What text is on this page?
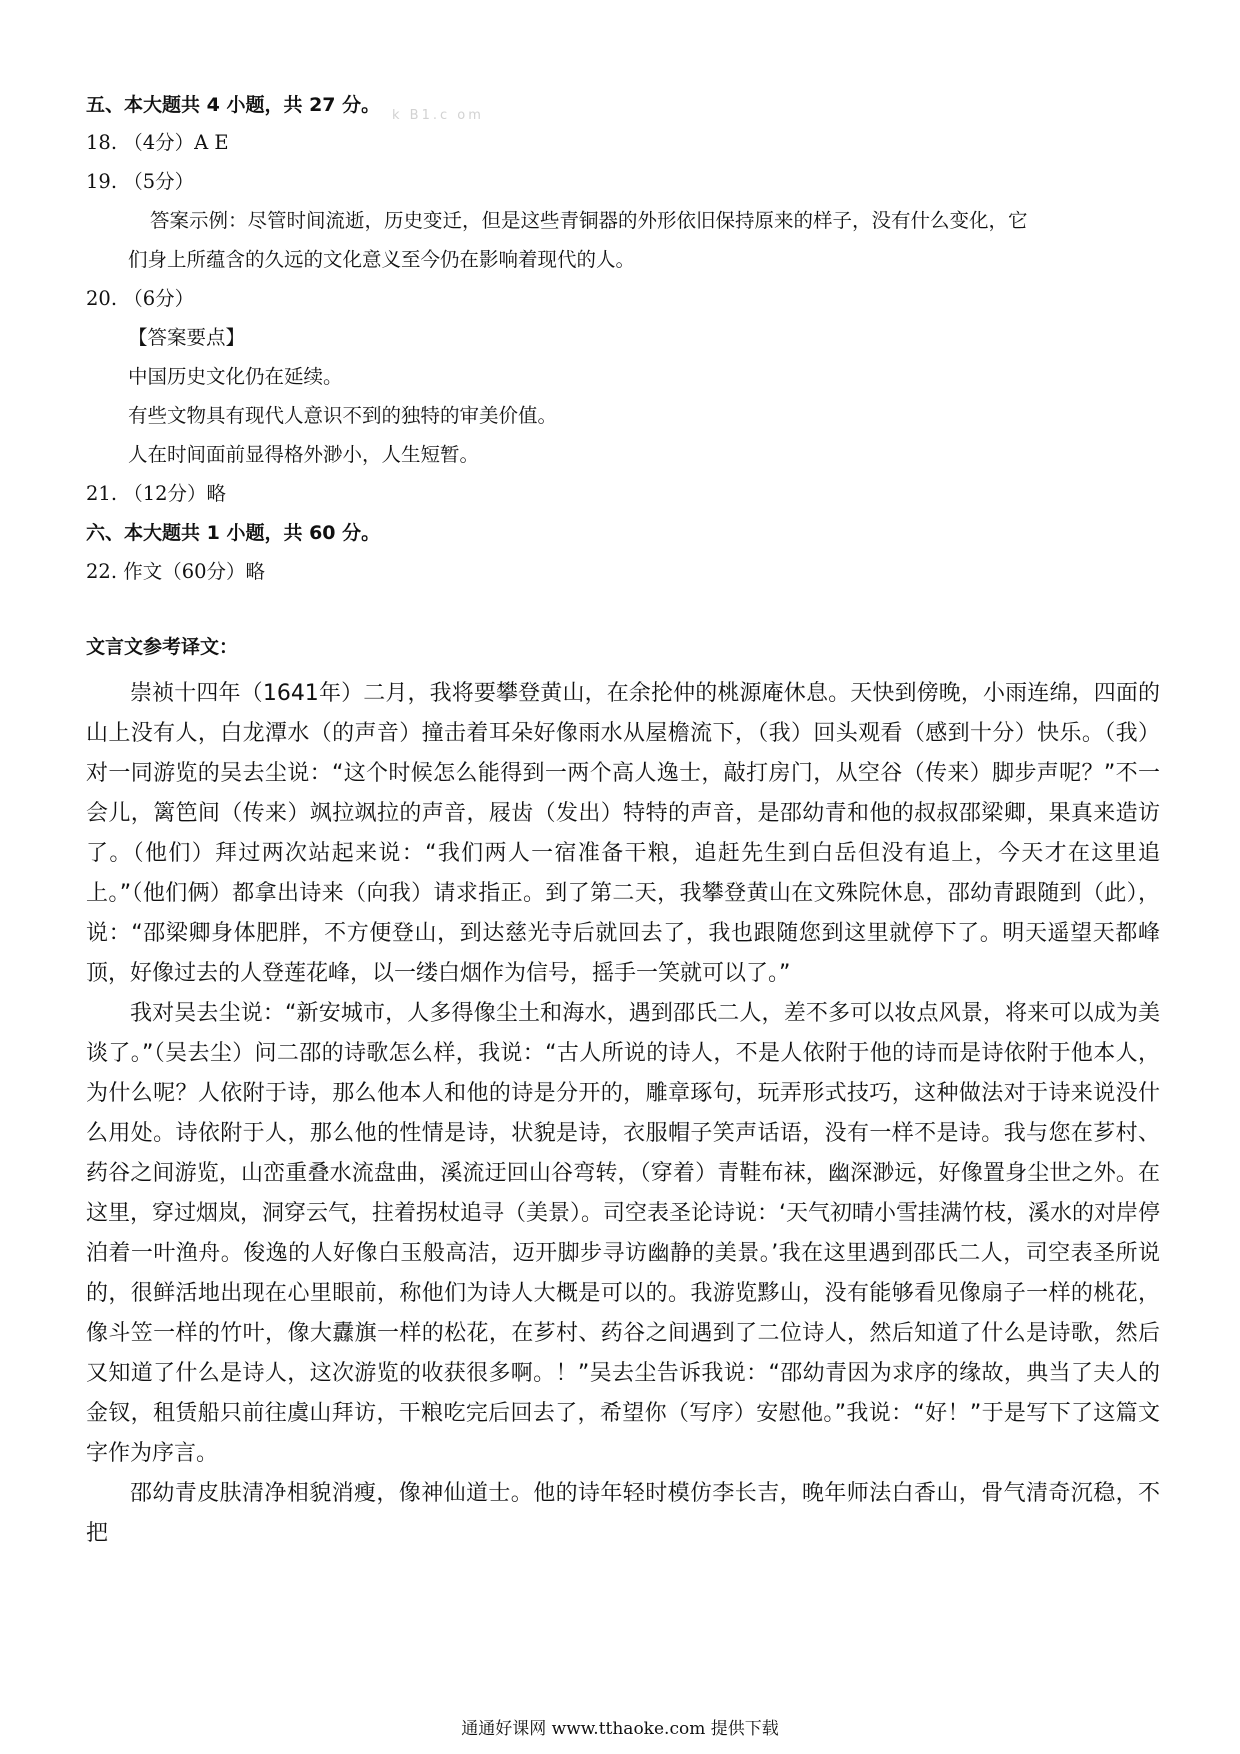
五、本大题共 4 小题，共 27 分。 k B1.c om
18. （4分）A E
19. （5分）
答案示例：尽管时间流逝，历史变迁，但是这些青铜器的外形依旧保持原来的样子，没有什么变化，它
们身上所蕴含的久远的文化意义至今仍在影响着现代的人。
20. （6分）
【答案要点】
中国历史文化仍在延续。
有些文物具有现代人意识不到的独特的审美价值。
人在时间面前显得格外渺小，人生短暂。
21. （12分）略
六、本大题共 1 小题，共 60 分。
22. 作文（60分）略
文言文参考译文：

崇祯十四年（1641年）二月，我将要攀登黄山，在余抡仲的桃源庵休息。天快到傍晚，小雨连绵，四面的山上没有人，白龙潭水（的声音）撞击着耳朵好像雨水从屋檐流下，（我）回头观看（感到十分）快乐。（我）对一同游览的吴去尘说：“这个时候怎么能得到一两个高人逸士，敲打房门，从空谷（传来）脚步声呢？”不一会儿，篱笆间（传来）飒拉飒拉的声音，屐齿（发出）特特的声音，是邵幼青和他的叔叔邵梁卿，果真来造访了。（他们）拜过两次站起来说：“我们两人一宿准备干粮，追赶先生到白岳但没有追上，今天才在这里追上。”（他们俩）都拿出诗来（向我）请求指正。到了第二天，我攀登黄山在文殊院休息，邵幼青跟随到（此），说：“邵梁卿身体肥胖，不方便登山，到达慈光寺后就回去了，我也跟随您到这里就停下了。明天遥望天都峰顶，好像过去的人登莲花峰，以一缕白烟作为信号，摇手一笑就可以了。”

我对吴去尘说：“新安城市，人多得像尘土和海水，遇到邵氏二人，差不多可以妆点风景，将来可以成为美谈了。”（吴去尘）问二邵的诗歌怎么样，我说：“古人所说的诗人，不是人依附于他的诗而是诗依附于他本人，为什么呢？人依附于诗，那么他本人和他的诗是分开的，雕章琢句，玩弄形式技巧，这种做法对于诗来说没什么用处。诗依附于人，那么他的性情是诗，状貌是诗，衣服帽子笑声话语，没有一样不是诗。我与您在芗村、药谷之间游览，山峦重叠水流盘曲，溪流迂回山谷弯转，（穿着）青鞋布袜，幽深渺远，好像置身尘世之外。在这里，穿过烟岚，洞穿云气，拄着拐杖追寻（美景）。司空表圣论诗说：‘天气初晴小雪挂满竹枝，溪水的对岸停泊着一叶渔舟。俊逸的人好像白玉般高洁，迈开脚步寻访幽静的美景。’我在这里遇到邵氏二人，司空表圣所说的，很鲜活地出现在心里眼前，称他们为诗人大概是可以的。我游览黟山，没有能够看见像扇子一样的桃花，像斗笠一样的竹叶，像大纛旗一样的松花，在芗村、药谷之间遇到了二位诗人，然后知道了什么是诗歌，然后又知道了什么是诗人，这次游览的收获很多啊。！”吴去尘告诉我说：“邵幼青因为求序的缘故，典当了夫人的金钗，租赁船只前往虞山拜访，干粮吃完后回去了，希望你（写序）安慰他。”我说：“好！”于是写下了这篇文字作为序言。

邵幼青皮肤清净相貌消瘦，像神仙道士。他的诗年轻时模仿李长吉，晚年师法白香山，骨气清奇沉稳，不把

通通好课网 www.tthaoke.com 提供下载
